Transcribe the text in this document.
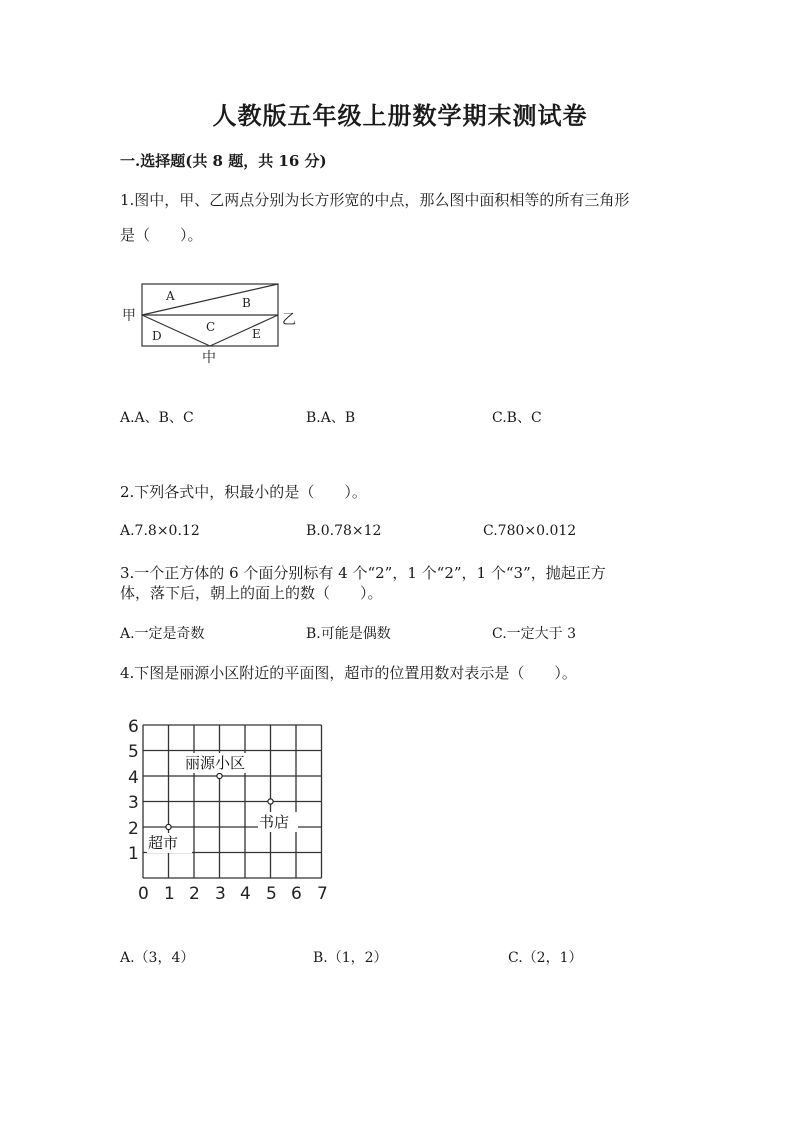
人教版五年级上册数学期末测试卷
一.选择题(共 8 题，共 16 分)
1.图中，甲、乙两点分别为长方形宽的中点，那么图中面积相等的所有三角形
是（　　）。
A	B
C
D	E
甲	乙
中
A.A、B、C	B.A、B	C.B、C
2.下列各式中，积最小的是（　　）。
A.7.8×0.12	B.0.78×12	C.780×0.012
3.一个正方体的 6 个面分别标有 4 个“2”，1 个“2”，1 个“3”，抛起正方
体，落下后，朝上的面上的数（　　）。
A.一定是奇数	B.可能是偶数	C.一定大于 3
4.下图是丽源小区附近的平面图，超市的位置用数对表示是（　　）。
0 1 2 3 4 5 6 7
1
2
3
4
5
6
丽源小区
书店
超市
A.（3，4）	B.（1，2）	C.（2，1）
